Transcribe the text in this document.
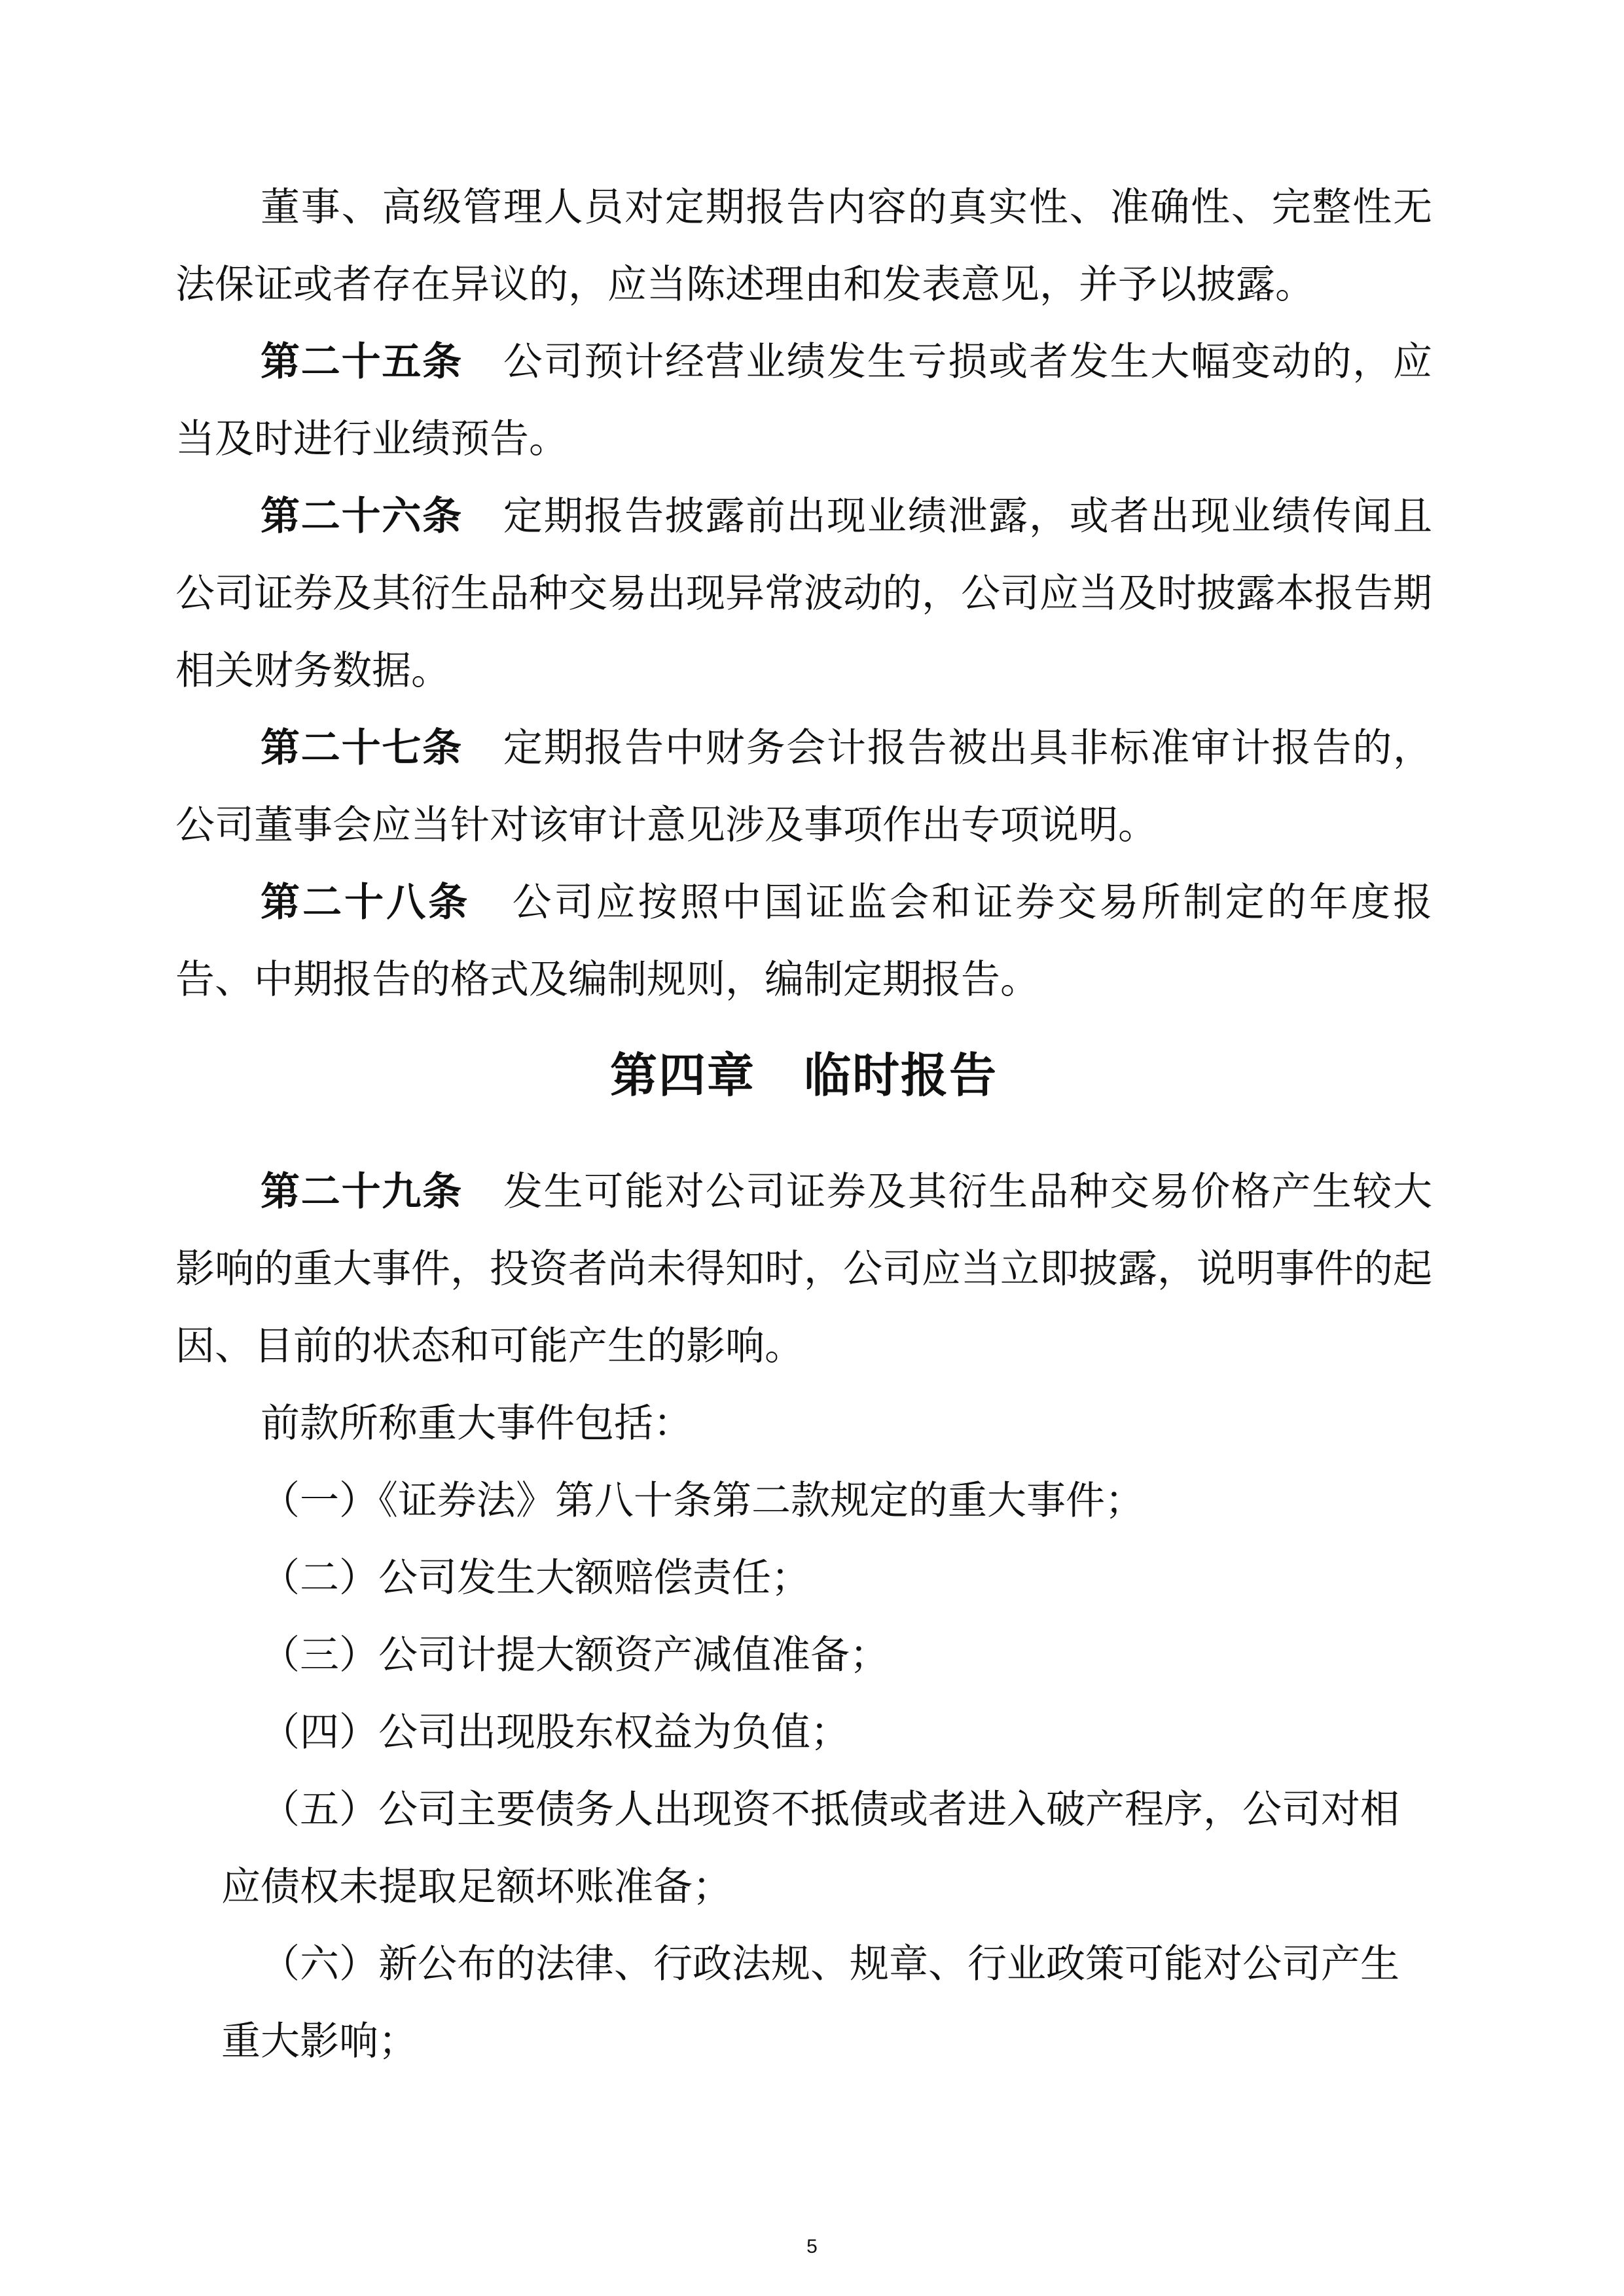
董事、高级管理人员对定期报告内容的真实性、准确性、完整性无法保证或者存在异议的，应当陈述理由和发表意见，并予以披露。

第二十五条　 公司预计经营业绩发生亏损或者发生大幅变动的，应当及时进行业绩预告。

第二十六条　 定期报告披露前出现业绩泄露，或者出现业绩传闻且公司证券及其衍生品种交易出现异常波动的，公司应当及时披露本报告期相关财务数据。

第二十七条　 定期报告中财务会计报告被出具非标准审计报告的，公司董事会应当针对该审计意见涉及事项作出专项说明。

第二十八条　 公司应按照中国证监会和证券交易所制定的年度报告、中期报告的格式及编制规则，编制定期报告。

第四章　临时报告

第二十九条　 发生可能对公司证券及其衍生品种交易价格产生较大影响的重大事件，投资者尚未得知时，公司应当立即披露，说明事件的起因、目前的状态和可能产生的影响。

前款所称重大事件包括：

（一）《证券法》第八十条第二款规定的重大事件；

（二）公司发生大额赔偿责任；

（三）公司计提大额资产减值准备；

（四）公司出现股东权益为负值；

（五）公司主要债务人出现资不抵债或者进入破产程序，公司对相应债权未提取足额坏账准备；

（六）新公布的法律、行政法规、规章、行业政策可能对公司产生重大影响；

5
